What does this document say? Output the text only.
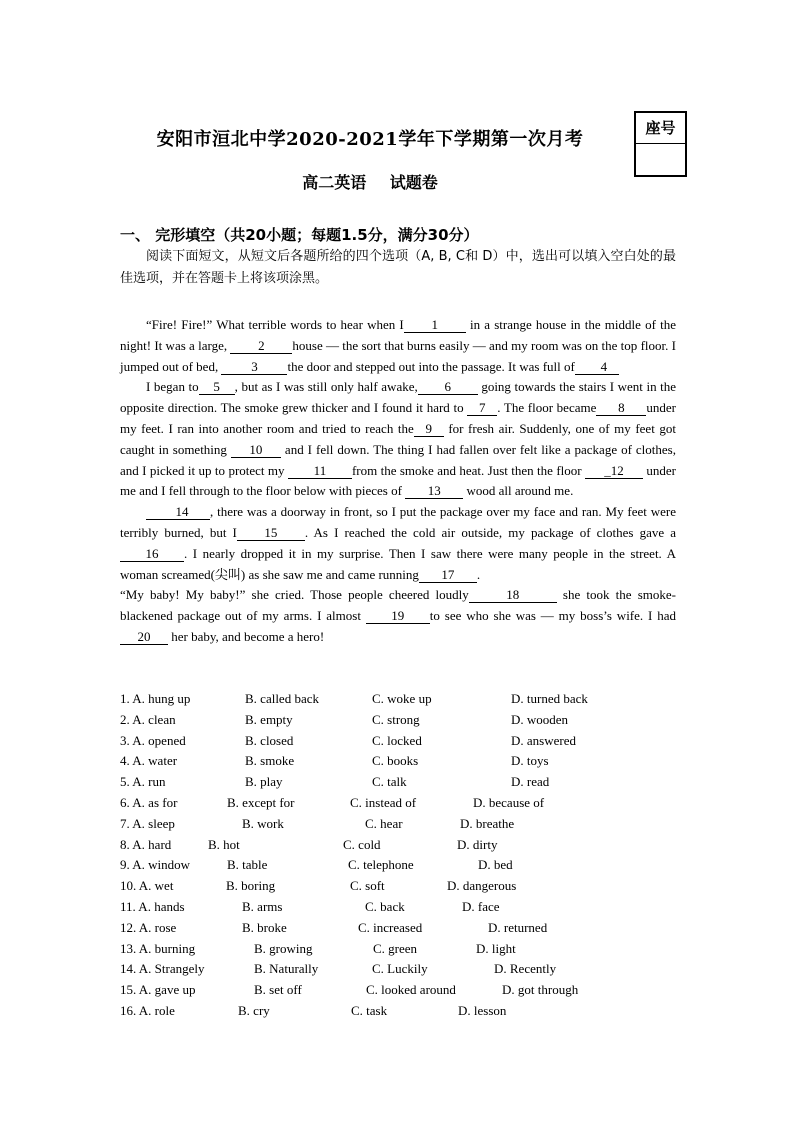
座号
安阳市洹北中学2020-2021学年下学期第一次月考
高二英语 试题卷
一、 完形填空（共20小题；每题1.5分，满分30分）
阅读下面短文，从短文后各题所给的四个选项（A, B, C和 D）中，选出可以填入空白处的最佳选项，并在答题卡上将该项涂黑。

“Fire! Fire!” What terrible words to hear when I 1 in a strange house in the middle of the night! It was a large, 2 house — the sort that burns easily — and my room was on the top floor. I jumped out of bed, 3 the door and stepped out into the passage. It was full of 4

I began to 5 , but as I was still only half awake, 6 going towards the stairs I went in the opposite direction. The smoke grew thicker and I found it hard to 7 . The floor became 8 under my feet. I ran into another room and tried to reach the 9 for fresh air. Suddenly, one of my feet got caught in something 10 and I fell down. The thing I had fallen over felt like a package of clothes, and I picked it up to protect my 11 from the smoke and heat. Just then the floor _12 under me and I fell through to the floor below with pieces of 13 wood all around me.

14 , there was a doorway in front, so I put the package over my face and ran. My feet were terribly burned, but I 15 . As I reached the cold air outside, my package of clothes gave a 16 . I nearly dropped it in my surprise. Then I saw there were many people in the street. A woman screamed(尖叫) as she saw me and came running 17 .

“My baby! My baby!” she cried. Those people cheered loudly	18	she took the smoke-blackened package out of my arms. I almost 19 to see who she was — my boss’s wife. I had 20 her baby, and become a hero!

1. A. hung up	B. called back	C. woke up	D. turned back
2. A. clean	B. empty	C. strong	D. wooden
3. A. opened	B. closed	C. locked	D. answered
4. A. water	B. smoke	C. books	D. toys
5. A. run	B. play	C. talk	D. read
6. A. as for	B. except for	C. instead of	D. because of
7. A. sleep	B. work	C. hear	D. breathe
8. A. hard	B. hot	C. cold	D. dirty
9. A. window	B. table	C. telephone	D. bed
10. A. wet	B. boring	C. soft	D. dangerous
11. A. hands	B. arms	C. back	D. face
12. A. rose	B. broke	C. increased	D. returned
13. A. burning	B. growing	C. green	D. light
14. A. Strangely	B. Naturally	C. Luckily	D. Recently
15. A. gave up	B. set off	C. looked around	D. got through
16. A. role	B. cry	C. task	D. lesson
